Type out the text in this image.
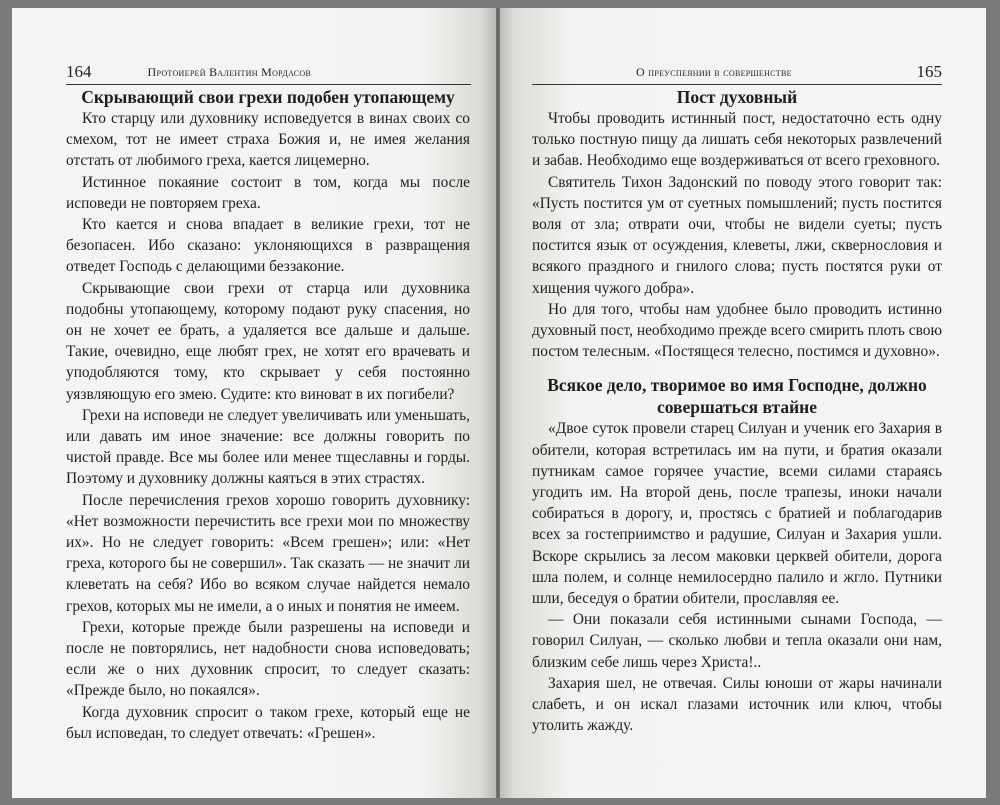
164	Протоиерей Валентин Мордасов
Скрывающий свои грехи подобен утопающему

Кто старцу или духовнику исповедуется в винах своих со смехом, тот не имеет страха Божия и, не имея желания отстать от любимого греха, кается лицемерно.

Истинное покаяние состоит в том, когда мы после исповеди не повторяем греха.

Кто кается и снова впадает в великие грехи, тот не безопасен. Ибо сказано: уклоняющихся в развращения отведет Господь с делающими беззаконие.

Скрывающие свои грехи от старца или духовника подобны утопающему, которому подают руку спасения, но он не хочет ее брать, а удаляется все дальше и дальше. Такие, очевидно, еще любят грех, не хотят его врачевать и уподобляются тому, кто скрывает у себя постоянно уязвляющую его змею. Судите: кто виноват в их погибели?

Грехи на исповеди не следует увеличивать или уменьшать, или давать им иное значение: все должны говорить по чистой правде. Все мы более или менее тщеславны и горды. Поэтому и духовнику должны каяться в этих страстях.

После перечисления грехов хорошо говорить духовнику: «Нет возможности перечистить все грехи мои по множеству их». Но не следует говорить: «Всем грешен»; или: «Нет греха, которого бы не совершил». Так сказать — не значит ли клеветать на себя? Ибо во всяком случае найдется немало грехов, которых мы не имели, а о иных и понятия не имеем.

Грехи, которые прежде были разрешены на исповеди и после не повторялись, нет надобности снова исповедовать; если же о них духовник спросит, то следует сказать: «Прежде было, но покаялся».

Когда духовник спросит о таком грехе, который еще не был исповедан, то следует отвечать: «Грешен».

О преуспеянии в совершенстве	165
Пост духовный

Чтобы проводить истинный пост, недостаточно есть одну только постную пищу да лишать себя некоторых развлечений и забав. Необходимо еще воздерживаться от всего греховного.

Святитель Тихон Задонский по поводу этого говорит так: «Пусть постится ум от суетных помышлений; пусть постится воля от зла; отврати очи, чтобы не видели суеты; пусть постится язык от осуждения, клеветы, лжи, сквернословия и всякого праздного и гнилого слова; пусть постятся руки от хищения чужого добра».

Но для того, чтобы нам удобнее было проводить истинно духовный пост, необходимо прежде всего смирить плоть свою постом телесным. «Постящеся телесно, постимся и духовно».

Всякое дело, творимое во имя Господне, должно совершаться втайне

«Двое суток провели старец Силуан и ученик его Захария в обители, которая встретилась им на пути, и братия оказали путникам самое горячее участие, всеми силами стараясь угодить им. На второй день, после трапезы, иноки начали собираться в дорогу, и, простясь с братией и поблагодарив всех за гостеприимство и радушие, Силуан и Захария ушли. Вскоре скрылись за лесом маковки церквей обители, дорога шла полем, и солнце немилосердно палило и жгло. Путники шли, беседуя о братии обители, прославляя ее.

— Они показали себя истинными сынами Господа, — говорил Силуан, — сколько любви и тепла оказали они нам, близким себе лишь через Христа!..

Захария шел, не отвечая. Силы юноши от жары начинали слабеть, и он искал глазами источник или ключ, чтобы утолить жажду.
